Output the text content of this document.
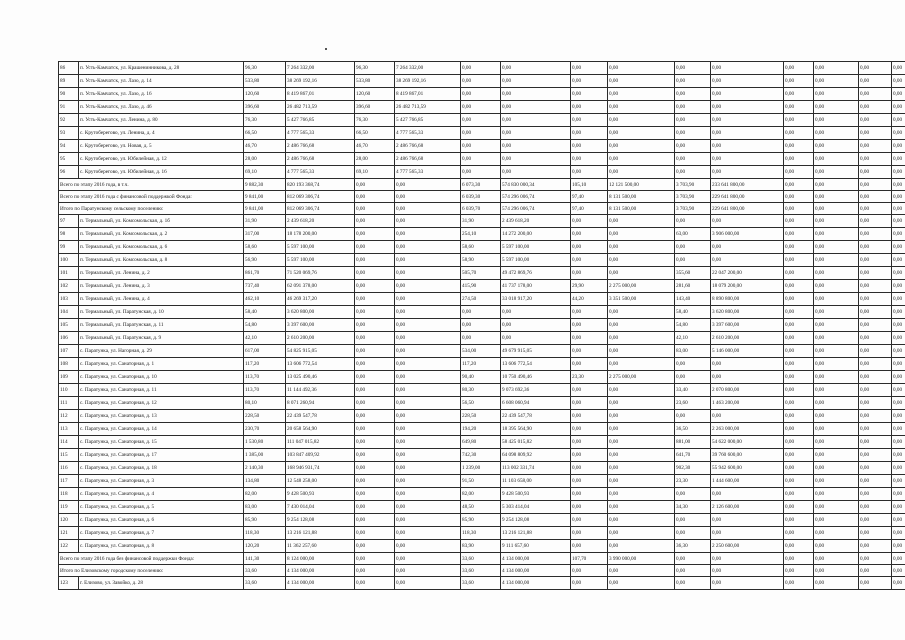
86	п. Усть-Камчатск, ул. Крашенинникова, д. 28	96,30	7 264 332,00	96,30	7 264 332,00	0,00	0,00	0,00	0,00	0,00	0,00	0,00	0,00	0,00	0,00
89	п. Усть-Камчатск, ул. Лазо, д. 14	533,80	38 269 192,16	533,80	38 269 192,16	0,00	0,00	0,00	0,00	0,00	0,00	0,00	0,00	0,00	0,00
90	п. Усть-Камчатск, ул. Лазо, д. 16	120,60	8 419 867,01	120,60	8 419 867,01	0,00	0,00	0,00	0,00	0,00	0,00	0,00	0,00	0,00	0,00
91	п. Усть-Камчатск, ул. Лазо, д. 46	396,60	26 482 713,59	396,60	26 482 713,59	0,00	0,00	0,00	0,00	0,00	0,00	0,00	0,00	0,00	0,00
92	п. Усть-Камчатск, ул. Ленина, д. 80	76,30	5 427 766,85	76,30	5 427 766,85	0,00	0,00	0,00	0,00	0,00	0,00	0,00	0,00	0,00	0,00
93	с. Крутоберегово, ул. Ленина, д. 4	66,50	4 777 565,33	66,50	4 777 565,33	0,00	0,00	0,00	0,00	0,00	0,00	0,00	0,00	0,00	0,00
94	с. Крутоберегово, ул. Новая, д. 5	46,70	2 486 766,68	46,70	2 486 766,68	0,00	0,00	0,00	0,00	0,00	0,00	0,00	0,00	0,00	0,00
95	с. Крутоберегово, ул. Юбилейная, д. 12	28,00	2 486 766,68	28,00	2 486 766,68	0,00	0,00	0,00	0,00	0,00	0,00	0,00	0,00	0,00	0,00
96	с. Крутоберегово, ул. Юбилейная, д. 16	69,10	4 777 565,33	69,10	4 777 565,33	0,00	0,00	0,00	0,00	0,00	0,00	0,00	0,00	0,00	0,00
Всего по этапу 2016 года, в т.ч.		9 882,30	820 193 368,74	0,00	0,00	6 073,30	574 830 000,34	105,10	12 121 500,00	3 703,90	233 641 800,00	0,00	0,00	0,00	0,00
Всего по этапу 2016 года с финансовой поддержкой Фонда:		9 841,00	812 069 306,74	0,00	0,00	6 039,30	574 296 006,74	97,40	8 131 500,00	3 703,90	229 641 800,00	0,00	0,00	0,00	0,00
Итого по Паратунскому сельскому поселению:		9 841,00	812 069 306,74	0,00	0,00	6 039,70	574 296 006,74	97,40	8 131 500,00	3 703,90	229 641 800,00	0,00	0,00	0,00	0,00
97	п. Термальный, ул. Комсомольская, д. 1б	31,90	2 439 618,20	0,00	0,00	31,90	2 439 618,20	0,00	0,00	0,00	0,00	0,00	0,00	0,00	0,00
98	п. Термальный, ул. Комсомольская, д. 2	317,00	18 178 200,00	0,00	0,00	254,10	14 272 200,00	0,00	0,00	63,00	3 906 000,00	0,00	0,00	0,00	0,00
99	п. Термальный, ул. Комсомольская, д. 6	58,60	5 597 100,00	0,00	0,00	58,60	5 597 100,00	0,00	0,00	0,00	0,00	0,00	0,00	0,00	0,00
100	п. Термальный, ул. Комсомольская, д. 8	56,90	5 597 100,00	0,00	0,00	58,90	5 597 100,00	0,00	0,00	0,00	0,00	0,00	0,00	0,00	0,00
101	п. Термальный, ул. Ленина, д. 2	861,70	71 520 069,76	0,00	0,00	505,70	49 472 869,76	0,00	0,00	355,60	22 047 200,00	0,00	0,00	0,00	0,00
102	п. Термальный, ул. Ленина, д. 3	737,40	62 091 378,00	0,00	0,00	415,90	41 737 178,00	29,90	2 275 000,00	281,60	18 079 200,00	0,00	0,00	0,00	0,00
103	п. Термальный, ул. Ленина, д. 4	462,10	46 269 317,20	0,00	0,00	274,50	33 018 917,20	44,20	3 351 500,00	143,40	8 890 800,00	0,00	0,00	0,00	0,00
104	п. Термальный, ул. Паратунская, д. 10	58,40	3 620 800,00	0,00	0,00	0,00	0,00	0,00	0,00	58,40	3 620 800,00	0,00	0,00	0,00	0,00
105	п. Термальный, ул. Паратунская, д. 11	54,80	3 397 600,00	0,00	0,00	0,00	0,00	0,00	0,00	54,80	3 397 600,00	0,00	0,00	0,00	0,00
106	п. Термальный, ул. Паратунская, д. 9	42,10	2 610 200,00	0,00	0,00	0,00	0,00	0,00	0,00	42,10	2 610 200,00	0,00	0,00	0,00	0,00
107	с. Паратунка, ул. Нагорная, д. 29	617,00	54 825 915,05	0,00	0,00	534,00	49 679 915,05	0,00	0,00	83,00	5 146 000,00	0,00	0,00	0,00	0,00
108	с. Паратунка, ул. Санаторная, д. 1	117,20	13 606 772,54	0,00	0,00	117,20	13 606 772,54	0,00	0,00	0,00	0,00	0,00	0,00	0,00	0,00
109	с. Паратунка, ул. Санаторная, д. 10	113,70	13 025 490,46	0,00	0,00	90,40	10 750 490,46	23,30	2 275 000,00	0,00	0,00	0,00	0,00	0,00	0,00
110	с. Паратунка, ул. Санаторная, д. 11	113,70	11 144 492,36	0,00	0,00	80,30	9 073 692,36	0,00	0,00	33,40	2 070 800,00	0,00	0,00	0,00	0,00
111	с. Паратунка, ул. Санаторная, д. 12	80,10	8 071 260,94	0,00	0,00	56,50	6 608 060,94	0,00	0,00	23,60	1 463 200,00	0,00	0,00	0,00	0,00
112	с. Паратунка, ул. Санаторная, д. 13	228,50	22 439 547,78	0,00	0,00	228,50	22 439 547,78	0,00	0,00	0,00	0,00	0,00	0,00	0,00	0,00
113	с. Паратунка, ул. Санаторная, д. 14	230,70	20 658 564,90	0,00	0,00	194,20	18 395 564,90	0,00	0,00	36,50	2 263 000,00	0,00	0,00	0,00	0,00
114	с. Паратунка, ул. Санаторная, д. 15	1 530,80	111 047 015,82	0,00	0,00	649,80	58 425 015,82	0,00	0,00	881,00	54 622 000,00	0,00	0,00	0,00	0,00
115	с. Паратунка, ул. Санаторная, д. 17	1 385,00	103 847 409,92	0,00	0,00	742,30	64 098 809,92	0,00	0,00	641,70	39 760 600,00	0,00	0,00	0,00	0,00
116	с. Паратунка, ул. Санаторная, д. 18	2 140,30	168 946 931,74	0,00	0,00	1 239,00	113 002 331,74	0,00	0,00	902,30	55 942 600,00	0,00	0,00	0,00	0,00
117	с. Паратунка, ул. Санаторная, д. 3	134,80	12 548 258,00	0,00	0,00	91,50	11 103 658,00	0,00	0,00	23,30	1 444 600,00	0,00	0,00	0,00	0,00
118	с. Паратунка, ул. Санаторная, д. 4	82,00	9 428 500,93	0,00	0,00	82,00	9 428 500,93	0,00	0,00	0,00	0,00	0,00	0,00	0,00	0,00
119	с. Паратунка, ул. Санаторная, д. 5	83,00	7 430 014,04	0,00	0,00	48,50	5 303 414,04	0,00	0,00	34,30	2 126 600,00	0,00	0,00	0,00	0,00
120	с. Паратунка, ул. Санаторная, д. 6	85,90	9 254 128,08	0,00	0,00	85,90	9 254 128,08	0,00	0,00	0,00	0,00	0,00	0,00	0,00	0,00
121	с. Паратунка, ул. Санаторная, д. 7	118,30	13 216 121,88	0,00	0,00	118,30	13 216 121,88	0,00	0,00	0,00	0,00	0,00	0,00	0,00	0,00
122	с. Паратунка, ул. Санаторная, д. 8	120,20	11 362 257,60	0,00	0,00	83,90	9 111 657,60	0,00	0,00	36,30	2 250 600,00	0,00	0,00	0,00	0,00
Всего по этапу 2016 года без финансовой поддержки Фонда:		141,30	8 124 000,00	0,00	0,00	33,60	4 134 000,00	107,70	3 990 000,00	0,00	0,00	0,00	0,00	0,00	0,00
Итого по Елизовскому городскому поселению:		33,60	4 134 000,00	0,00	0,00	33,60	4 134 000,00	0,00	0,00	0,00	0,00	0,00	0,00	0,00	0,00
123	г. Елизово, ул. Завойко, д. 28	33,60	4 134 000,00	0,00	0,00	33,60	4 134 000,00	0,00	0,00	0,00	0,00	0,00	0,00	0,00	0,00
